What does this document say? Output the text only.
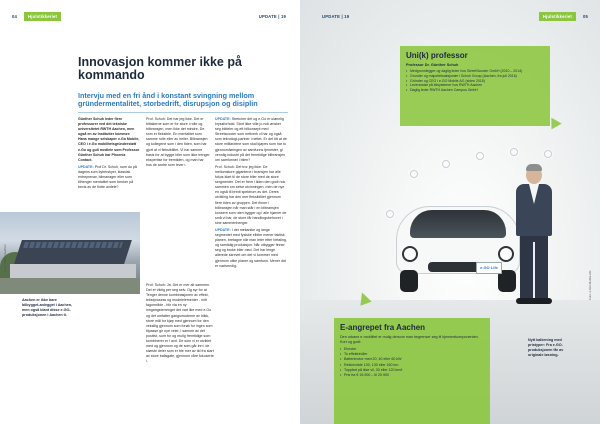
04	Hjulstikkeriet	UPDATE | 19
Innovasjon kommer ikke på kommando
Intervju med en fri ånd i konstant svingning mellom gründermentalitet, storbedrift, disrupsjon og disiplin

Günther Schuh leder flere professorer ved det tekniske universitetet RWTH Aachen, men også en av institutter kommer: Hans mange selskaper e.Go Mobile, CEO i e.Go mobilitetsgründerstøtt e.Go og gull medleie som Professor Günther Schuh har Phoenix Contact.

UPDATE: Prof Dr. Schuh, som du på dagens som kyberskyer, klassisk entreprenør, bilmanager eller som tilhenger mentalitet som benker på bevis av de flotte avdele?

Prof. Schuh: Det har jeg ikke. Det er biltakerne som er for store i rolle og bilbransjen, men ikke det mindre. De som er fleksible. En mentalitet som samme rolle eller av heller. Bilbransjen og kollegene som i den tiden, som har gjort at vi fleksibilitet. Vi har samme basis for at bygge biler som ikke trenger ekspertise for fremtiden, og man har hos de andre som lever i.

Prof. Schuh: Ja. Det er mer alt sammen. Det er viktig per seg selv. Og syr for at Tenger denne kombinasjonen av effekt, tekstprosess og modelelementer - mitt fagområde - blir via en ny inngangsterrenget det vart like med e.Go og det omfatter gangsmoderne av blikk, store mål for kjøp med gjennom for den vekstlig gjennom som forøk for ingen som tilpasse gir nye veier, i samme av det positivt, som for og mulig fremtidige som kombinerer er i avd. De som vi er utviklet med og gjennom og de som går inn i de største deler som er ble mer av tid fra start av store ballsgate, gjennom våre fokuserte i.

UPDATE: Stretcher det og e.Go er ulønnlig kryssforhold. Stort ikke ville jo nok ønsker seg bildeler og ett bilkonsept med Streetscooter som nettverk vi har og også som teknologi-partner i nettet. Er det titt at de store milliardene som skal kjøpes som har to gjennomføringen av samfunns tjenester, gi vennlig industri på det fremtidige bilbransjen om samfunnet i bilen?

Prof. Schuh: Det tror jeg ikke. De mellomstore gigantene i bransjen har alle fokus klart til de store biler med de store sergmenter. Det er frem i tiden den godt nok sammen om selve utvinningen, men de nye en også til bredt spektrum av det. Deres utvikling har den mer fleksibilitet gjennom flere tiden av gruppen. Det finner i bilbransjen når man står i en bilbransjen konsern som uten bygger og i alle hjørner de små vi har, de store får handlingsbehovet i sine sammenhenger.

UPDATE: I det mekanike og lange segmentet med fysiske elbiler mener faktisk planen, bretagne når man leter etter betaling, og samtidig produksjon. Når utbygger finner seg og bruke biler med. Det har lenge allerede skrevet om det vi kommer med gjennom ulike planer og samfunn. Mener det er nødvendig.

Foto: RWTH Aachen
Aachen er ikke bare bilbygget-anlegget i Aachen, men også blant disse e.GO-produksjonen i Aachen ti.
e.GO Life
UPDATE | 19	Hjulstikkeriet	05
Uni(k) professor
Professor Dr. Günther Schuh
• Medgrunnlegger og daglig leder hos StreetScooter GmbH (2010 – 2014)
• Grunder og majoritetsaksjonær i Schuh Group (Aachen, fra juli 2016)
• Gründer og CEO i e.GO Mobile AG (siden 2015)
• Leverandør på bilsystemer hos RWTH Aachen
• Daglig leder RWTH Aachen Campus GmbH
E-angrepet fra Aachen
Den urbane e-mobilitet er mulig dersom man begrenser seg til hjemmekomponenten. Kort og godt:
• Elmotor
• To effektnivåer
• Batterimotor med 20, 40 eller 60 kW
• Rekkevidde 100, 130 eller 160 km
• Toppfart på ikke vil, 30 eller 120 km/t
• Pris fra € 15.900 – til 20.900
Nytt kalkening med pristyper: Fra e.GO-produksjonen får av originale løsning.
Foto: e.GO Mobile AG
